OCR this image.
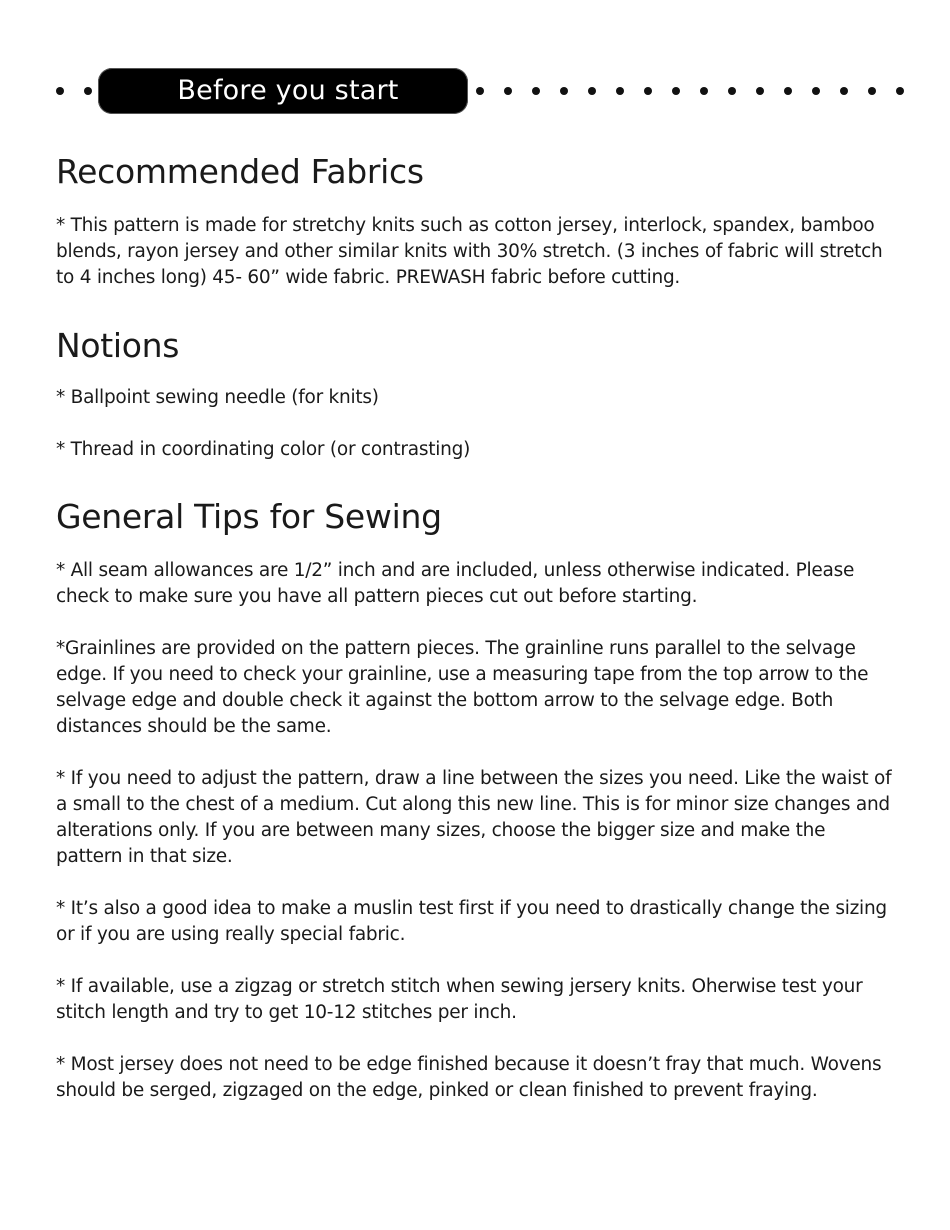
Before you start
Recommended Fabrics

* This pattern is made for stretchy knits such as cotton jersey, interlock, spandex, bamboo blends, rayon jersey and other similar knits with 30% stretch. (3 inches of fabric will stretch to 4 inches long) 45- 60” wide fabric. PREWASH fabric before cutting.

Notions

* Ballpoint sewing needle (for knits)

* Thread in coordinating color (or contrasting)

General Tips for Sewing

* All seam allowances are 1/2” inch and are included, unless otherwise indicated. Please check to make sure you have all pattern pieces cut out before starting.

*Grainlines are provided on the pattern pieces. The grainline runs parallel to the selvage edge. If you need to check your grainline, use a measuring tape from the top arrow to the selvage edge and double check it against the bottom arrow to the selvage edge. Both distances should be the same.

* If you need to adjust the pattern, draw a line between the sizes you need. Like the waist of a small to the chest of a medium. Cut along this new line. This is for minor size changes and alterations only. If you are between many sizes, choose the bigger size and make the pattern in that size.

* It’s also a good idea to make a muslin test first if you need to drastically change the sizing or if you are using really special fabric.

* If available, use a zigzag or stretch stitch when sewing jersery knits. Oherwise test your stitch length and try to get 10-12 stitches per inch.

* Most jersey does not need to be edge finished because it doesn’t fray that much. Wovens should be serged, zigzaged on the edge, pinked or clean finished to prevent fraying.
